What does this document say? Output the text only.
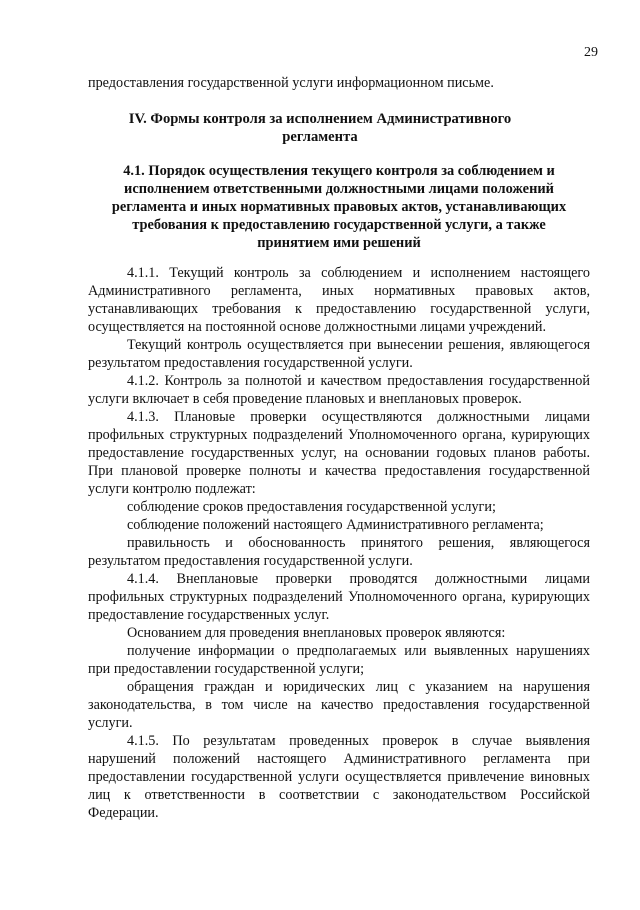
29
предоставления государственной услуги информационном письме.
IV. Формы контроля за исполнением Административного
регламента
4.1. Порядок осуществления текущего контроля за соблюдением и
исполнением ответственными должностными лицами положений
регламента и иных нормативных правовых актов, устанавливающих
требования к предоставлению государственной услуги, а также
принятием ими решений

4.1.1. Текущий контроль за соблюдением и исполнением настоящего Административного регламента, иных нормативных правовых актов, устанавливающих требования к предоставлению государственной услуги, осуществляется на постоянной основе должностными лицами учреждений.

Текущий контроль осуществляется при вынесении решения, являющегося результатом предоставления государственной услуги.

4.1.2. Контроль за полнотой и качеством предоставления государственной услуги включает в себя проведение плановых и внеплановых проверок.

4.1.3. Плановые проверки осуществляются должностными лицами профильных структурных подразделений Уполномоченного органа, курирующих предоставление государственных услуг, на основании годовых планов работы. При плановой проверке полноты и качества предоставления государственной услуги контролю подлежат:

соблюдение сроков предоставления государственной услуги;

соблюдение положений настоящего Административного регламента;

правильность и обоснованность принятого решения, являющегося результатом предоставления государственной услуги.

4.1.4. Внеплановые проверки проводятся должностными лицами профильных структурных подразделений Уполномоченного органа, курирующих предоставление государственных услуг.

Основанием для проведения внеплановых проверок являются:

получение информации о предполагаемых или выявленных нарушениях при предоставлении государственной услуги;

обращения граждан и юридических лиц с указанием на нарушения законодательства, в том числе на качество предоставления государственной услуги.

4.1.5. По результатам проведенных проверок в случае выявления нарушений положений настоящего Административного регламента при предоставлении государственной услуги осуществляется привлечение виновных лиц к ответственности в соответствии с законодательством Российской Федерации.
